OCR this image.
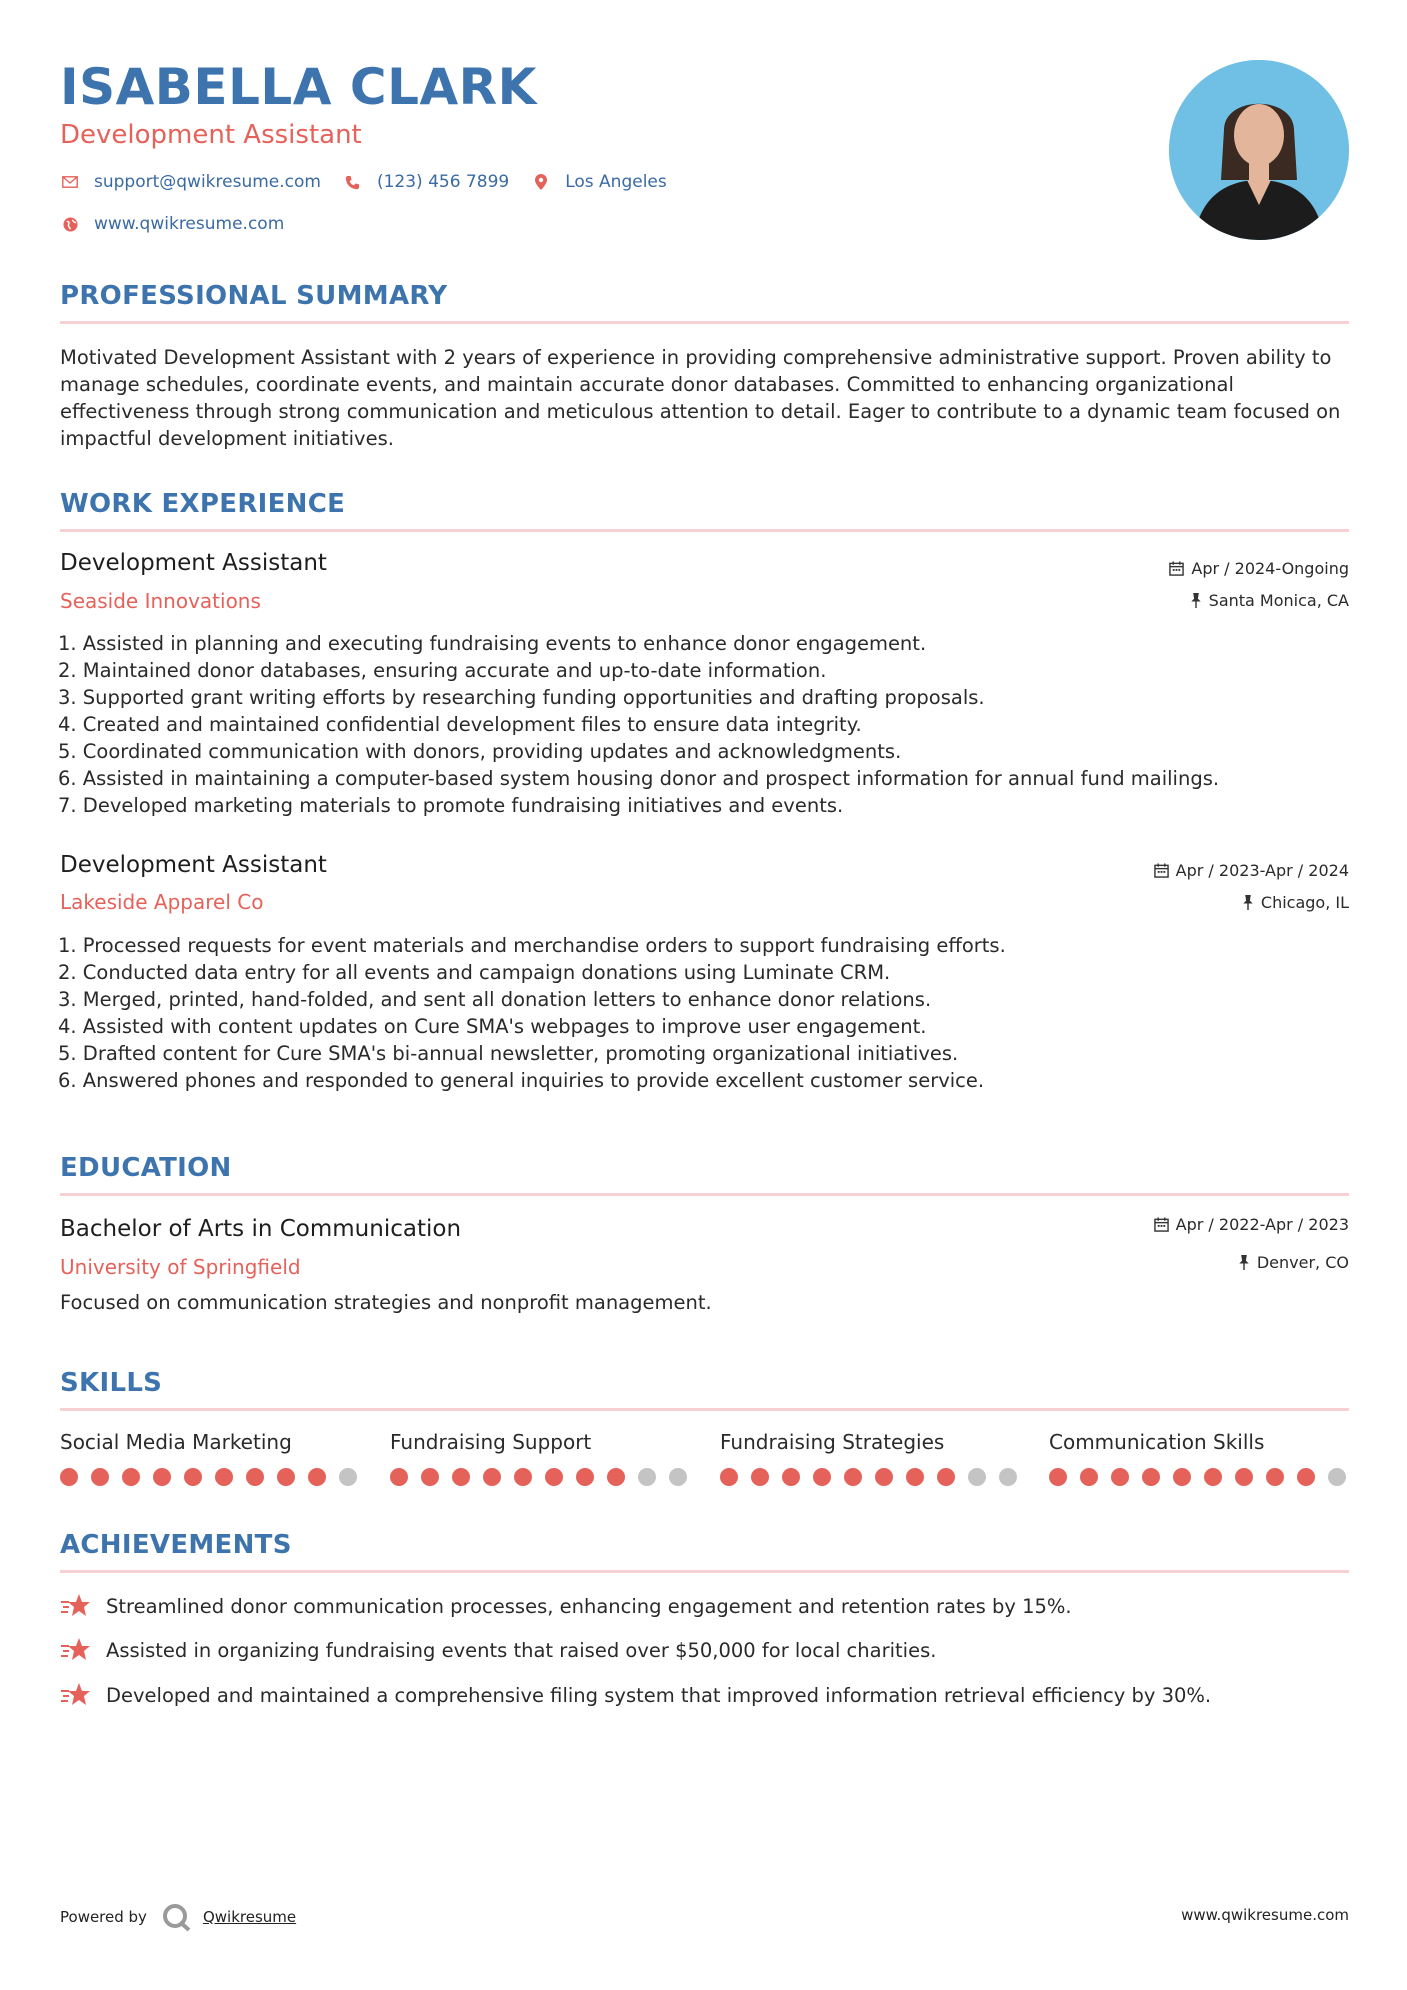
ISABELLA CLARK
Development Assistant
support@qwikresume.com	(123) 456 7899	Los Angeles
www.qwikresume.com
PROFESSIONAL SUMMARY
Motivated Development Assistant with 2 years of experience in providing comprehensive administrative support. Proven ability to manage schedules, coordinate events, and maintain accurate donor databases. Committed to enhancing organizational effectiveness through strong communication and meticulous attention to detail. Eager to contribute to a dynamic team focused on impactful development initiatives.
WORK EXPERIENCE
Development Assistant
Seaside Innovations
Apr / 2024-Ongoing
Santa Monica, CA
1. Assisted in planning and executing fundraising events to enhance donor engagement.
2. Maintained donor databases, ensuring accurate and up-to-date information.
3. Supported grant writing efforts by researching funding opportunities and drafting proposals.
4. Created and maintained confidential development files to ensure data integrity.
5. Coordinated communication with donors, providing updates and acknowledgments.
6. Assisted in maintaining a computer-based system housing donor and prospect information for annual fund mailings.
7. Developed marketing materials to promote fundraising initiatives and events.
Development Assistant
Lakeside Apparel Co
Apr / 2023-Apr / 2024
Chicago, IL
1. Processed requests for event materials and merchandise orders to support fundraising efforts.
2. Conducted data entry for all events and campaign donations using Luminate CRM.
3. Merged, printed, hand-folded, and sent all donation letters to enhance donor relations.
4. Assisted with content updates on Cure SMA's webpages to improve user engagement.
5. Drafted content for Cure SMA's bi-annual newsletter, promoting organizational initiatives.
6. Answered phones and responded to general inquiries to provide excellent customer service.
EDUCATION
Bachelor of Arts in Communication
University of Springfield
Apr / 2022-Apr / 2023
Denver, CO
Focused on communication strategies and nonprofit management.
SKILLS
Social Media Marketing	Fundraising Support	Fundraising Strategies	Communication Skills
ACHIEVEMENTS
Streamlined donor communication processes, enhancing engagement and retention rates by 15%.
Assisted in organizing fundraising events that raised over $50,000 for local charities.
Developed and maintained a comprehensive filing system that improved information retrieval efficiency by 30%.
Powered by	Qwikresume	www.qwikresume.com
